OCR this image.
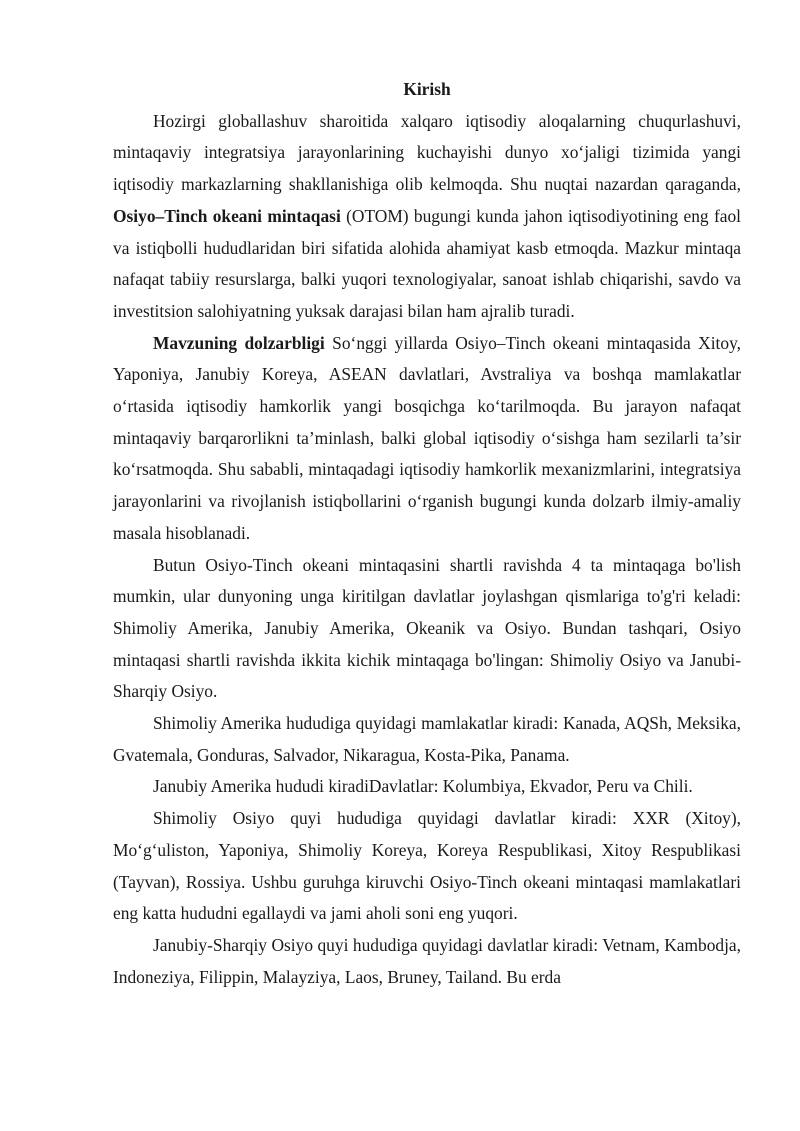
Kirish

Hozirgi globallashuv sharoitida xalqaro iqtisodiy aloqalarning chuqurlashuvi, mintaqaviy integratsiya jarayonlarining kuchayishi dunyo xo‘jaligi tizimida yangi iqtisodiy markazlarning shakllanishiga olib kelmoqda. Shu nuqtai nazardan qaraganda, Osiyo–Tinch okeani mintaqasi (OTOM) bugungi kunda jahon iqtisodiyotining eng faol va istiqbolli hududlaridan biri sifatida alohida ahamiyat kasb etmoqda. Mazkur mintaqa nafaqat tabiiy resurslarga, balki yuqori texnologiyalar, sanoat ishlab chiqarishi, savdo va investitsion salohiyatning yuksak darajasi bilan ham ajralib turadi.

Mavzuning dolzarbligi So‘nggi yillarda Osiyo–Tinch okeani mintaqasida Xitoy, Yaponiya, Janubiy Koreya, ASEAN davlatlari, Avstraliya va boshqa mamlakatlar o‘rtasida iqtisodiy hamkorlik yangi bosqichga ko‘tarilmoqda. Bu jarayon nafaqat mintaqaviy barqarorlikni ta’minlash, balki global iqtisodiy o‘sishga ham sezilarli ta’sir ko‘rsatmoqda. Shu sababli, mintaqadagi iqtisodiy hamkorlik mexanizmlarini, integratsiya jarayonlarini va rivojlanish istiqbollarini o‘rganish bugungi kunda dolzarb ilmiy-amaliy masala hisoblanadi.

Butun Osiyo-Tinch okeani mintaqasini shartli ravishda 4 ta mintaqaga bo'lish mumkin, ular dunyoning unga kiritilgan davlatlar joylashgan qismlariga to'g'ri keladi: Shimoliy Amerika, Janubiy Amerika, Okeanik va Osiyo. Bundan tashqari, Osiyo mintaqasi shartli ravishda ikkita kichik mintaqaga bo'lingan: Shimoliy Osiyo va Janubi-Sharqiy Osiyo.

Shimoliy Amerika hududiga quyidagi mamlakatlar kiradi: Kanada, AQSh, Meksika, Gvatemala, Gonduras, Salvador, Nikaragua, Kosta-Pika, Panama.

Janubiy Amerika hududi kiradiDavlatlar: Kolumbiya, Ekvador, Peru va Chili.

Shimoliy Osiyo quyi hududiga quyidagi davlatlar kiradi: XXR (Xitoy), Mo‘g‘uliston, Yaponiya, Shimoliy Koreya, Koreya Respublikasi, Xitoy Respublikasi (Tayvan), Rossiya. Ushbu guruhga kiruvchi Osiyo-Tinch okeani mintaqasi mamlakatlari eng katta hududni egallaydi va jami aholi soni eng yuqori.

Janubiy-Sharqiy Osiyo quyi hududiga quyidagi davlatlar kiradi: Vetnam, Kambodja, Indoneziya, Filippin, Malayziya, Laos, Bruney, Tailand. Bu erda
